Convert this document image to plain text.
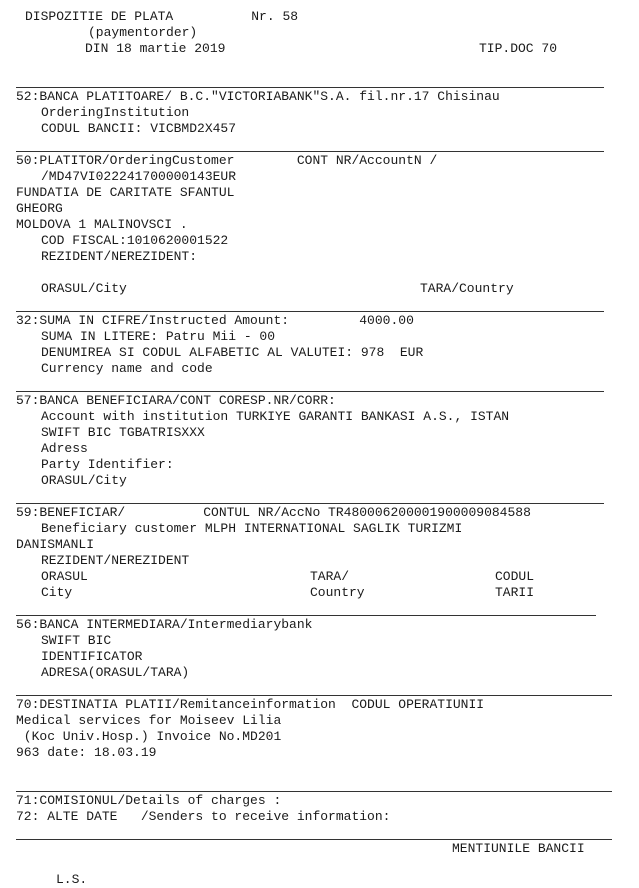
DISPOZITIE DE PLATA          Nr. 58
(paymentorder)
DIN 18 martie 2019	TIP.DOC 70
52:BANCA PLATITOARE/ B.C."VICTORIABANK"S.A. fil.nr.17 Chisinau
OrderingInstitution
CODUL BANCII: VICBMD2X457
50:PLATITOR/OrderingCustomer        CONT NR/AccountN /
/MD47VI022241700000143EUR
FUNDATIA DE CARITATE SFANTUL
GHEORG
MOLDOVA 1 MALINOVSCI .
COD FISCAL:1010620001522
REZIDENT/NEREZIDENT:
ORASUL/City	TARA/Country
32:SUMA IN CIFRE/Instructed Amount:         4000.00
SUMA IN LITERE: Patru Mii - 00
DENUMIREA SI CODUL ALFABETIC AL VALUTEI: 978  EUR
Currency name and code
57:BANCA BENEFICIARA/CONT CORESP.NR/CORR:
Account with institution TURKIYE GARANTI BANKASI A.S., ISTAN
SWIFT BIC TGBATRISXXX
Adress
Party Identifier:
ORASUL/City
59:BENEFICIAR/          CONTUL NR/AccNo TR480006200001900009084588
Beneficiary customer MLPH INTERNATIONAL SAGLIK TURIZMI
DANISMANLI
REZIDENT/NEREZIDENT
ORASUL	TARA/	CODUL
City	Country	TARII
56:BANCA INTERMEDIARA/Intermediarybank
SWIFT BIC
IDENTIFICATOR
ADRESA(ORASUL/TARA)
70:DESTINATIA PLATII/Remitanceinformation  CODUL OPERATIUNII
Medical services for Moiseev Lilia
(Koc Univ.Hosp.) Invoice No.MD201
963 date: 18.03.19
71:COMISIONUL/Details of charges :
72: ALTE DATE   /Senders to receive information:
MENTIUNILE BANCII
L.S.
